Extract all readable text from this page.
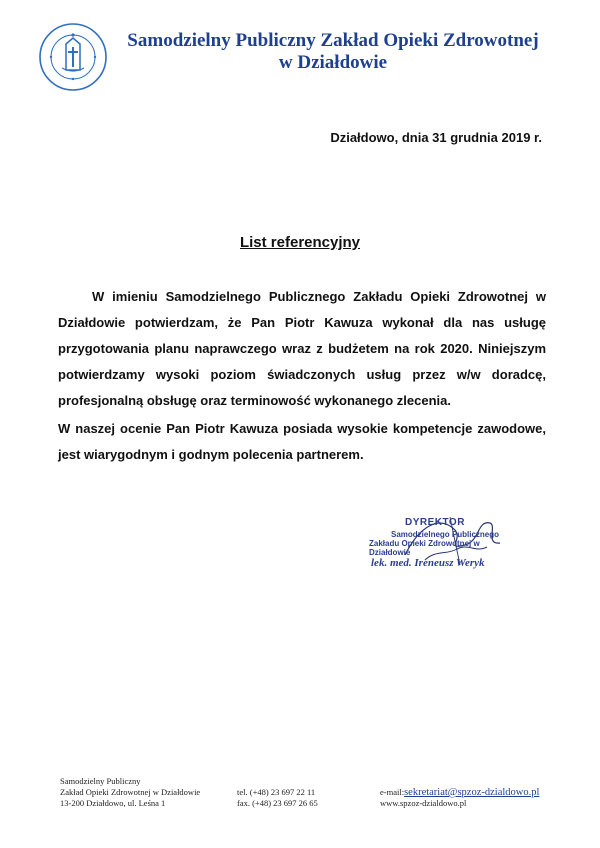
Samodzielny Publiczny Zakład Opieki Zdrowotnej
w Działdowie
Działdowo, dnia 31 grudnia 2019 r.
List referencyjny

W imieniu Samodzielnego Publicznego Zakładu Opieki Zdrowotnej w Działdowie potwierdzam, że Pan Piotr Kawuza wykonał dla nas usługę przygotowania planu naprawczego wraz z budżetem na rok 2020. Niniejszym potwierdzamy wysoki poziom świadczonych usług przez w/w doradcę, profesjonalną obsługę oraz terminowość wykonanego zlecenia.

W naszej ocenie Pan Piotr Kawuza posiada wysokie kompetencje zawodowe, jest wiarygodnym i godnym polecenia partnerem.

DYREKTOR
Samodzielnego Publicznego
Zakładu Opieki Zdrowotnej w Działdowie
lek. med. Ireneusz Weryk
Samodzielny Publiczny
Zakład Opieki Zdrowotnej w Działdowie
13-200 Działdowo, ul. Leśna 1
tel. (+48) 23 697 22 11
fax. (+48) 23 697 26 65
e-mail:sekretariat@spzoz-dzialdowo.pl
www.spzoz-dzialdowo.pl
